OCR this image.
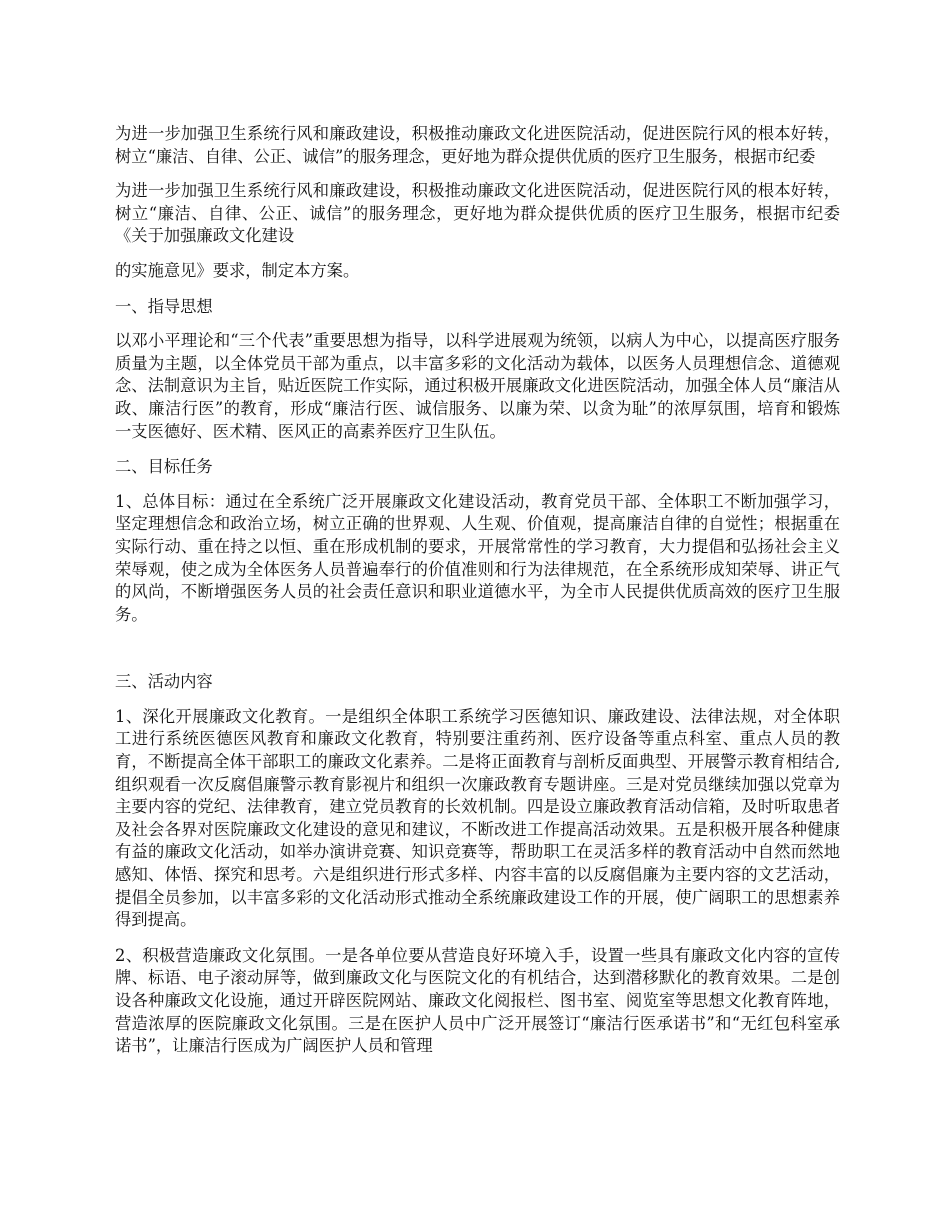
为进一步加强卫生系统行风和廉政建设，积极推动廉政文化进医院活动，促进医院行风的根本好转，树立“廉洁、自律、公正、诚信”的服务理念，更好地为群众提供优质的医疗卫生服务，根据市纪委

为进一步加强卫生系统行风和廉政建设，积极推动廉政文化进医院活动，促进医院行风的根本好转，树立“廉洁、自律、公正、诚信”的服务理念，更好地为群众提供优质的医疗卫生服务，根据市纪委《关于加强廉政文化建设

的实施意见》要求，制定本方案。

一、指导思想

以邓小平理论和“三个代表”重要思想为指导，以科学进展观为统领，以病人为中心，以提高医疗服务质量为主题，以全体党员干部为重点，以丰富多彩的文化活动为载体，以医务人员理想信念、道德观念、法制意识为主旨，贴近医院工作实际，通过积极开展廉政文化进医院活动，加强全体人员“廉洁从政、廉洁行医”的教育，形成“廉洁行医、诚信服务、以廉为荣、以贪为耻”的浓厚氛围，培育和锻炼一支医德好、医术精、医风正的高素养医疗卫生队伍。

二、目标任务

1、总体目标：通过在全系统广泛开展廉政文化建设活动，教育党员干部、全体职工不断加强学习，坚定理想信念和政治立场，树立正确的世界观、人生观、价值观，提高廉洁自律的自觉性；根据重在实际行动、重在持之以恒、重在形成机制的要求，开展常常性的学习教育，大力提倡和弘扬社会主义荣辱观，使之成为全体医务人员普遍奉行的价值准则和行为法律规范，在全系统形成知荣辱、讲正气的风尚，不断增强医务人员的社会责任意识和职业道德水平，为全市人民提供优质高效的医疗卫生服务。

三、活动内容

1、深化开展廉政文化教育。一是组织全体职工系统学习医德知识、廉政建设、法律法规，对全体职工进行系统医德医风教育和廉政文化教育，特别要注重药剂、医疗设备等重点科室、重点人员的教育，不断提高全体干部职工的廉政文化素养。二是将正面教育与剖析反面典型、开展警示教育相结合,组织观看一次反腐倡廉警示教育影视片和组织一次廉政教育专题讲座。三是对党员继续加强以党章为主要内容的党纪、法律教育，建立党员教育的长效机制。四是设立廉政教育活动信箱，及时听取患者及社会各界对医院廉政文化建设的意见和建议，不断改进工作提高活动效果。五是积极开展各种健康有益的廉政文化活动，如举办演讲竞赛、知识竞赛等，帮助职工在灵活多样的教育活动中自然而然地感知、体悟、探究和思考。六是组织进行形式多样、内容丰富的以反腐倡廉为主要内容的文艺活动，提倡全员参加，以丰富多彩的文化活动形式推动全系统廉政建设工作的开展，使广阔职工的思想素养得到提高。

2、积极营造廉政文化氛围。一是各单位要从营造良好环境入手，设置一些具有廉政文化内容的宣传牌、标语、电子滚动屏等，做到廉政文化与医院文化的有机结合，达到潜移默化的教育效果。二是创设各种廉政文化设施，通过开辟医院网站、廉政文化阅报栏、图书室、阅览室等思想文化教育阵地，营造浓厚的医院廉政文化氛围。三是在医护人员中广泛开展签订“廉洁行医承诺书”和“无红包科室承诺书”，让廉洁行医成为广阔医护人员和管理
